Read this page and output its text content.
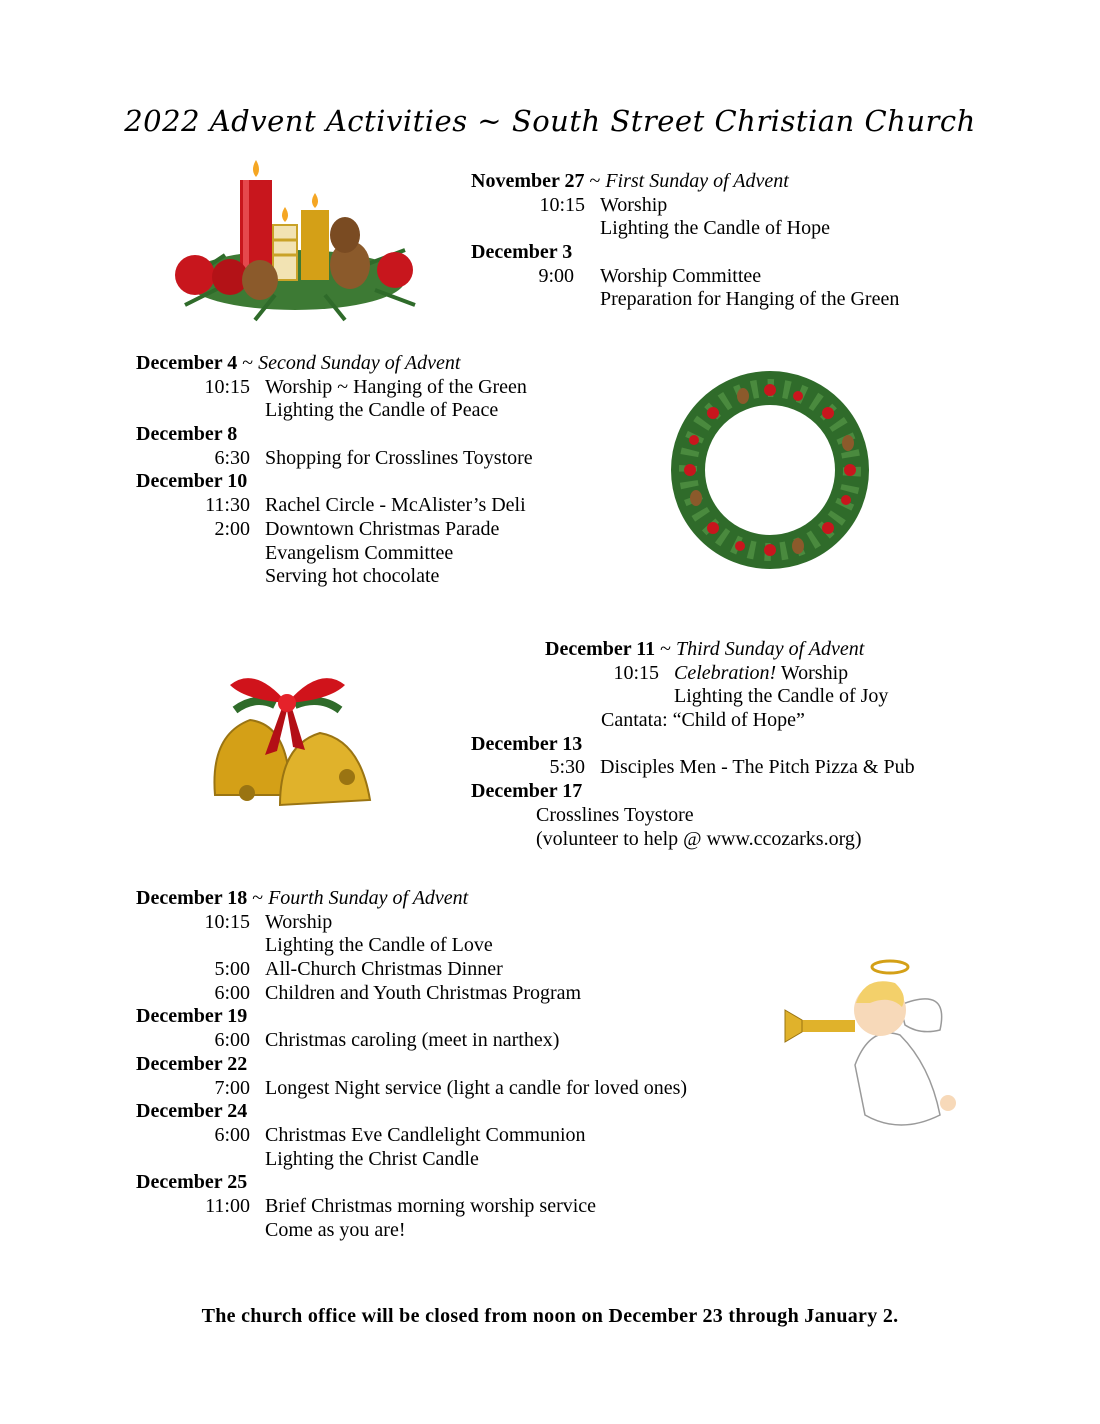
2022 Advent Activities ~ South Street Christian Church
November 27 ~ First Sunday of Advent
10:15 Worship
Lighting the Candle of Hope
December 3
9:00 Worship Committee
Preparation for Hanging of the Green
December 4 ~ Second Sunday of Advent
10:15 Worship ~ Hanging of the Green
Lighting the Candle of Peace
December 8
6:30 Shopping for Crosslines Toystore
December 10
11:30 Rachel Circle - McAlister’s Deli
2:00 Downtown Christmas Parade
Evangelism Committee
Serving hot chocolate
December 11 ~ Third Sunday of Advent
10:15 Celebration! Worship
Lighting the Candle of Joy
Cantata: “Child of Hope”
December 13
5:30 Disciples Men - The Pitch Pizza & Pub
December 17
Crosslines Toystore
(volunteer to help @ www.ccozarks.org)
December 18 ~ Fourth Sunday of Advent
10:15 Worship
Lighting the Candle of Love
5:00 All-Church Christmas Dinner
6:00 Children and Youth Christmas Program
December 19
6:00 Christmas caroling (meet in narthex)
December 22
7:00 Longest Night service (light a candle for loved ones)
December 24
6:00 Christmas Eve Candlelight Communion
Lighting the Christ Candle
December 25
11:00 Brief Christmas morning worship service
Come as you are!
The church office will be closed from noon on December 23 through January 2.
